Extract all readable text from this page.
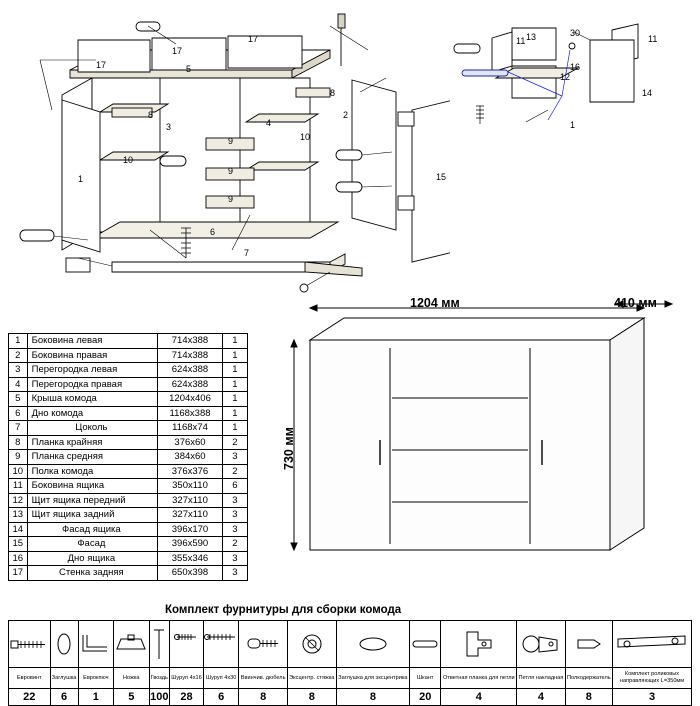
17
17
17
5
8
8
3	4
1
10
10
2
9
9
9
6
7
15
11
1
13
12
11
14
30
16
1204 мм	410 мм
730 мм
1	Боковина левая	714x388	1
2	Боковина правая	714x388	1
3	Перегородка левая	624x388	1
4	Перегородка правая	624x388	1
5	Крыша комода	1204x406	1
6	Дно комода	1168х388	1
7	Цоколь	1168х74	1
8	Планка крайняя	376x60	2
9	Планка средняя	384x60	3
10	Полка комода	376х376	2
11	Боковина ящика	350х110	6
12	Щит ящика передний	327х110	3
13	Щит ящика задний	327х110	3
14	Фасад ящика	396х170	3
15	Фасад	396х590	2
16	Дно ящика	355х346	3
17	Стенка задняя	650х398	3
Комплект фурнитуры для сборки комода

Евровинт	Заглушка	Еврокпюч	Ножка	Гвоздь	Шуруп 4х16	Шуруп 4х30	Ввинчив. дюбель	Эксцентр. стяжка	Заглушка для эксцентрика	Шкант	Ответная планка для петли	Петля накладная	Полкодержатель	Комплект роликовых направляющих L=350мм
22	6	1	5	100	28	6	8	8	8	20	4	4	8	3
